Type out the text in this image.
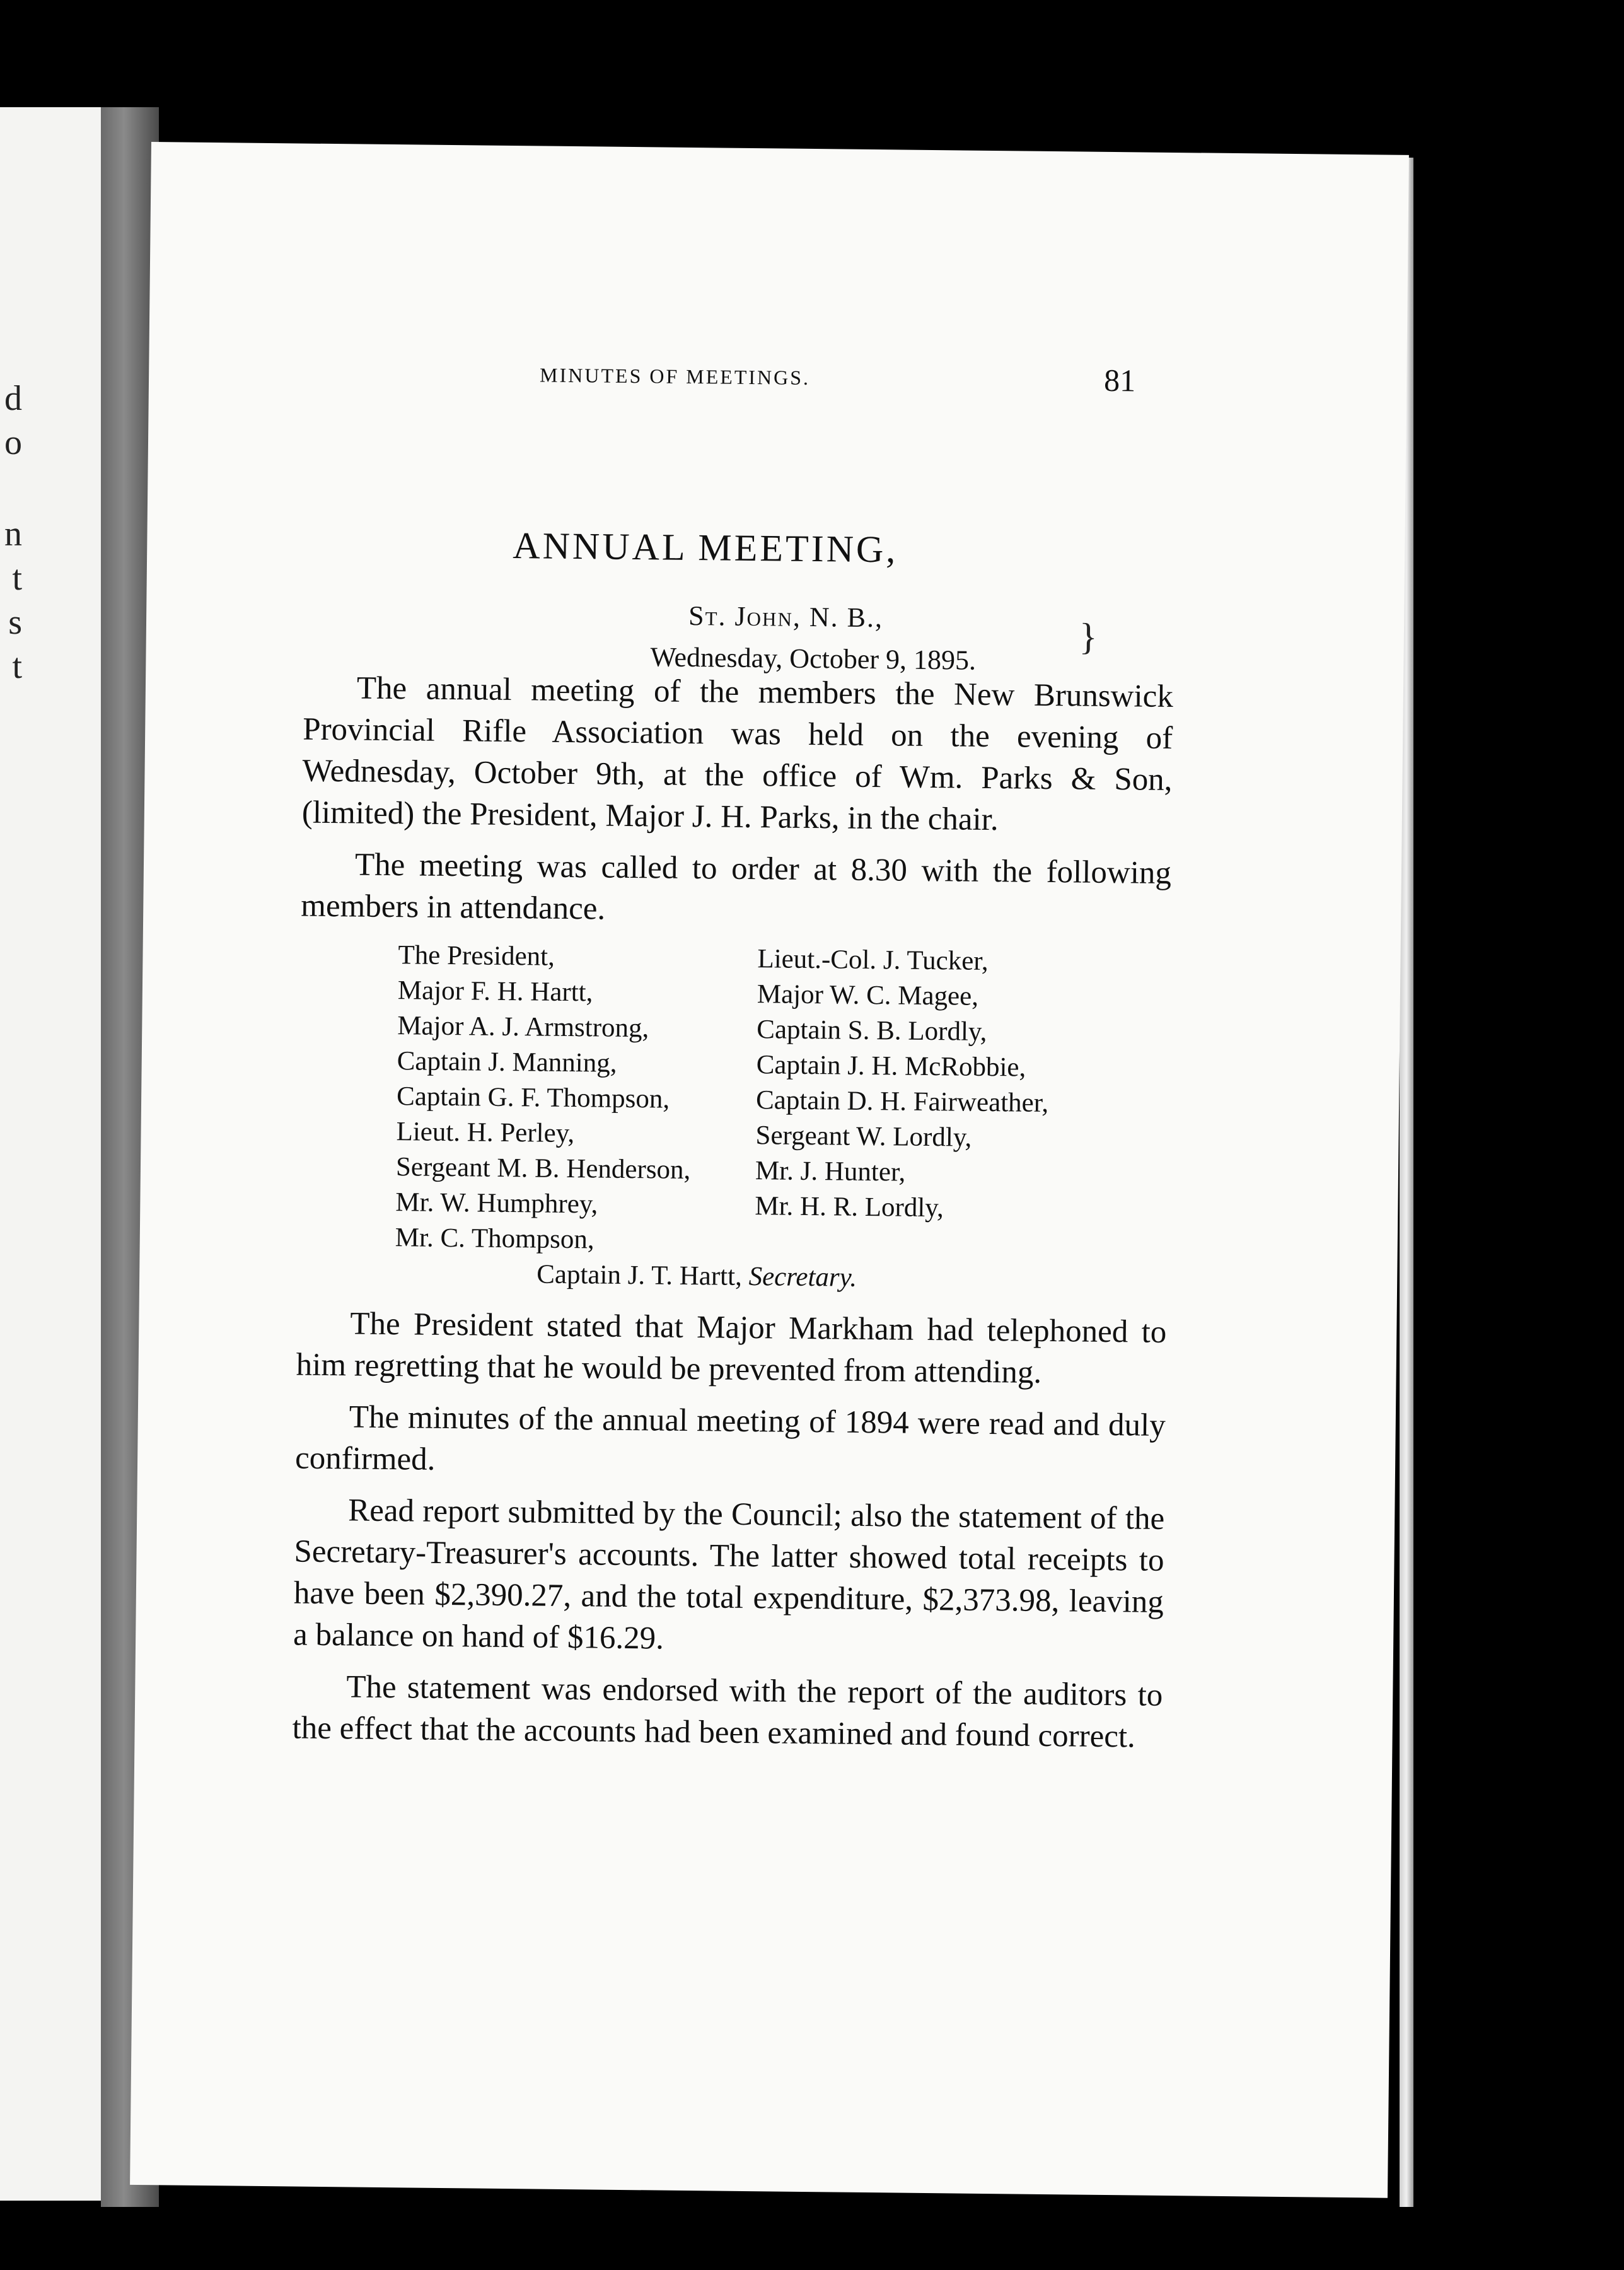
d
o
n
t
s
t
MINUTES OF MEETINGS.	81
ANNUAL MEETING,
St. John, N. B.,
Wednesday, October 9, 1895.
}

The annual meeting of the members the New Brunswick Provincial Rifle Association was held on the evening of Wednesday, October 9th, at the office of Wm. Parks & Son, (limited) the President, Major J. H. Parks, in the chair.

The meeting was called to order at 8.30 with the following members in attendance.

The President,	Lieut.-Col. J. Tucker,
Major F. H. Hartt,	Major W. C. Magee,
Major A. J. Armstrong,	Captain S. B. Lordly,
Captain J. Manning,	Captain J. H. McRobbie,
Captain G. F. Thompson,	Captain D. H. Fairweather,
Lieut. H. Perley,	Sergeant W. Lordly,
Sergeant M. B. Henderson,	Mr. J. Hunter,
Mr. W. Humphrey,	Mr. H. R. Lordly,
Mr. C. Thompson,
Captain J. T. Hartt, Secretary.

The President stated that Major Markham had telephoned to him regretting that he would be prevented from attending.

The minutes of the annual meeting of 1894 were read and duly confirmed.

Read report submitted by the Council; also the statement of the Secretary-Treasurer's accounts. The latter showed total receipts to have been $2,390.27, and the total expenditure, $2,373.98, leaving a balance on hand of $16.29.

The statement was endorsed with the report of the auditors to the effect that the accounts had been examined and found correct.
